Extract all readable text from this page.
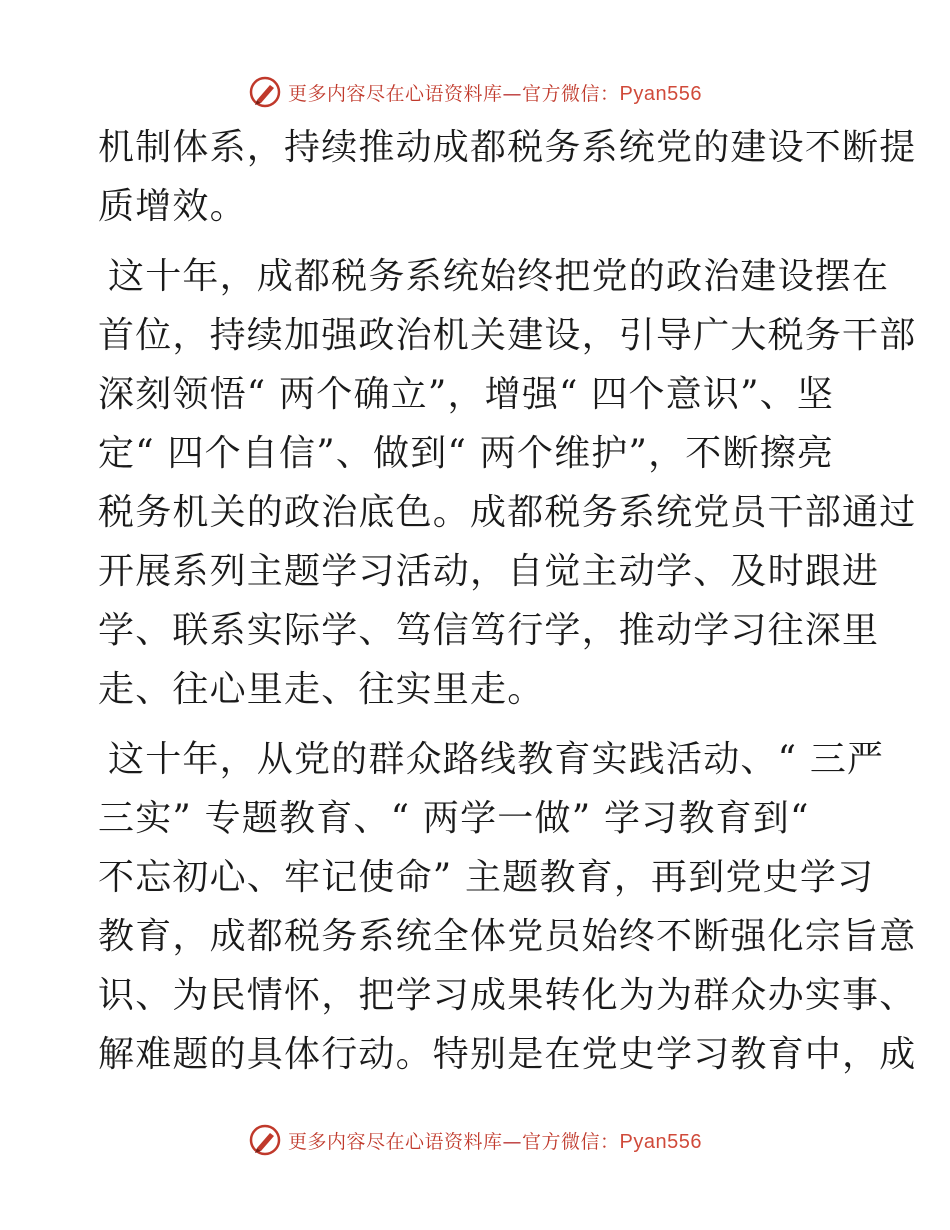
更多内容尽在心语资料库—官方微信：Pyan556
机制体系，持续推动成都税务系统党的建设不断提
质增效。
这十年，成都税务系统始终把党的政治建设摆在
首位，持续加强政治机关建设，引导广大税务干部
深刻领悟“ 两个确立”，增强“ 四个意识”、坚
定“ 四个自信”、做到“ 两个维护”，不断擦亮
税务机关的政治底色。成都税务系统党员干部通过
开展系列主题学习活动，自觉主动学、及时跟进
学、联系实际学、笃信笃行学，推动学习往深里
走、往心里走、往实里走。
这十年，从党的群众路线教育实践活动、“ 三严
三实” 专题教育、“ 两学一做” 学习教育到“
不忘初心、牢记使命” 主题教育，再到党史学习
教育，成都税务系统全体党员始终不断强化宗旨意
识、为民情怀，把学习成果转化为为群众办实事、
解难题的具体行动。特别是在党史学习教育中，成
更多内容尽在心语资料库—官方微信：Pyan556
